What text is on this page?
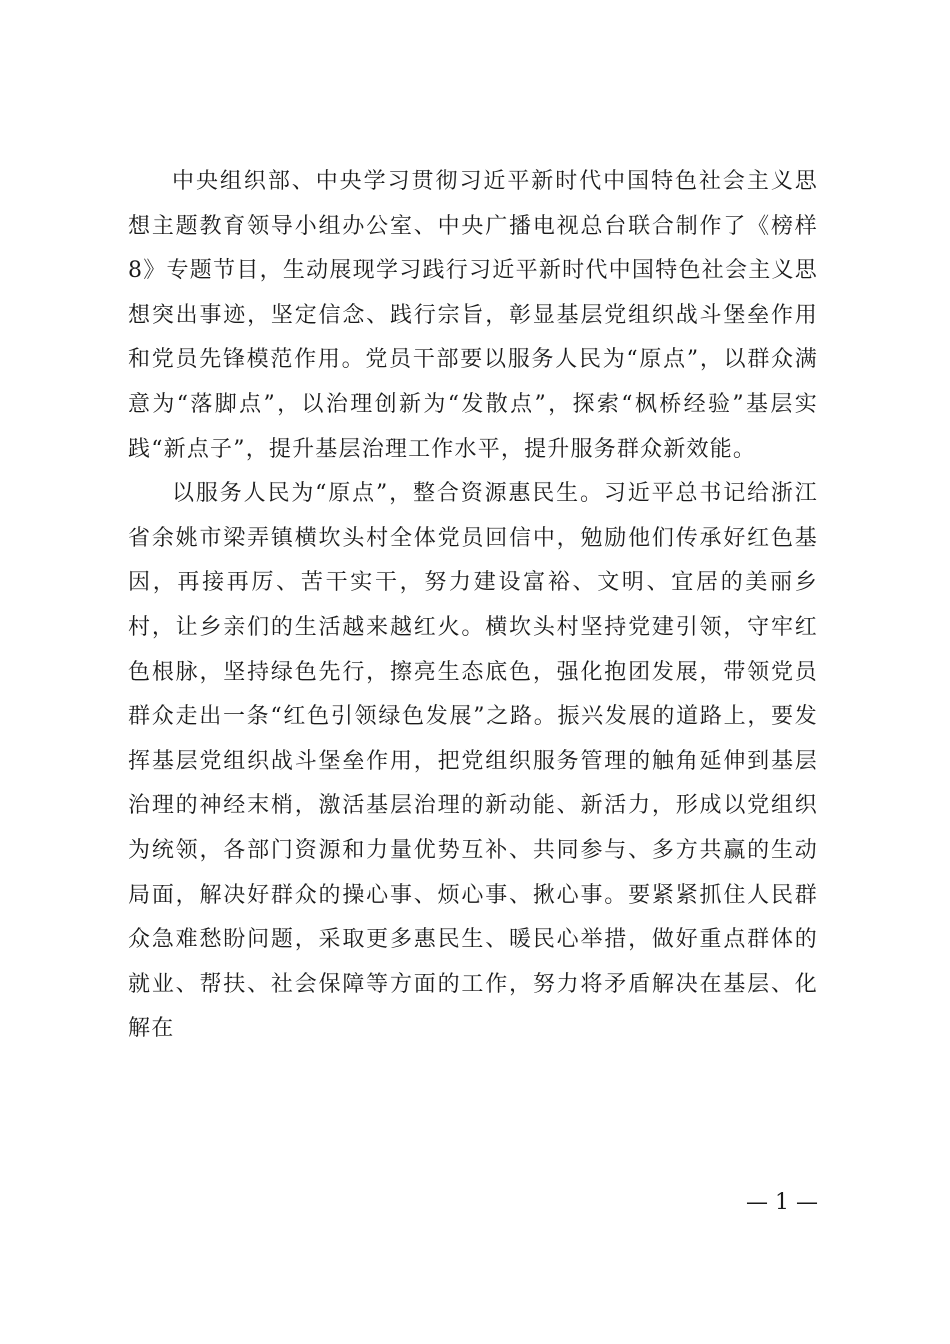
中央组织部、中央学习贯彻习近平新时代中国特色社会主义思想主题教育领导小组办公室、中央广播电视总台联合制作了《榜样8》专题节目，生动展现学习践行习近平新时代中国特色社会主义思想突出事迹，坚定信念、践行宗旨，彰显基层党组织战斗堡垒作用和党员先锋模范作用。党员干部要以服务人民为“原点”，以群众满意为“落脚点”，以治理创新为“发散点”，探索“枫桥经验”基层实践“新点子”，提升基层治理工作水平，提升服务群众新效能。

以服务人民为“原点”，整合资源惠民生。习近平总书记给浙江省余姚市梁弄镇横坎头村全体党员回信中，勉励他们传承好红色基因，再接再厉、苦干实干，努力建设富裕、文明、宜居的美丽乡村，让乡亲们的生活越来越红火。横坎头村坚持党建引领，守牢红色根脉，坚持绿色先行，擦亮生态底色，强化抱团发展，带领党员群众走出一条“红色引领绿色发展”之路。振兴发展的道路上，要发挥基层党组织战斗堡垒作用，把党组织服务管理的触角延伸到基层治理的神经末梢，激活基层治理的新动能、新活力，形成以党组织为统领，各部门资源和力量优势互补、共同参与、多方共赢的生动局面，解决好群众的操心事、烦心事、揪心事。要紧紧抓住人民群众急难愁盼问题，采取更多惠民生、暖民心举措，做好重点群体的就业、帮扶、社会保障等方面的工作，努力将矛盾解决在基层、化解在

— 1 —
